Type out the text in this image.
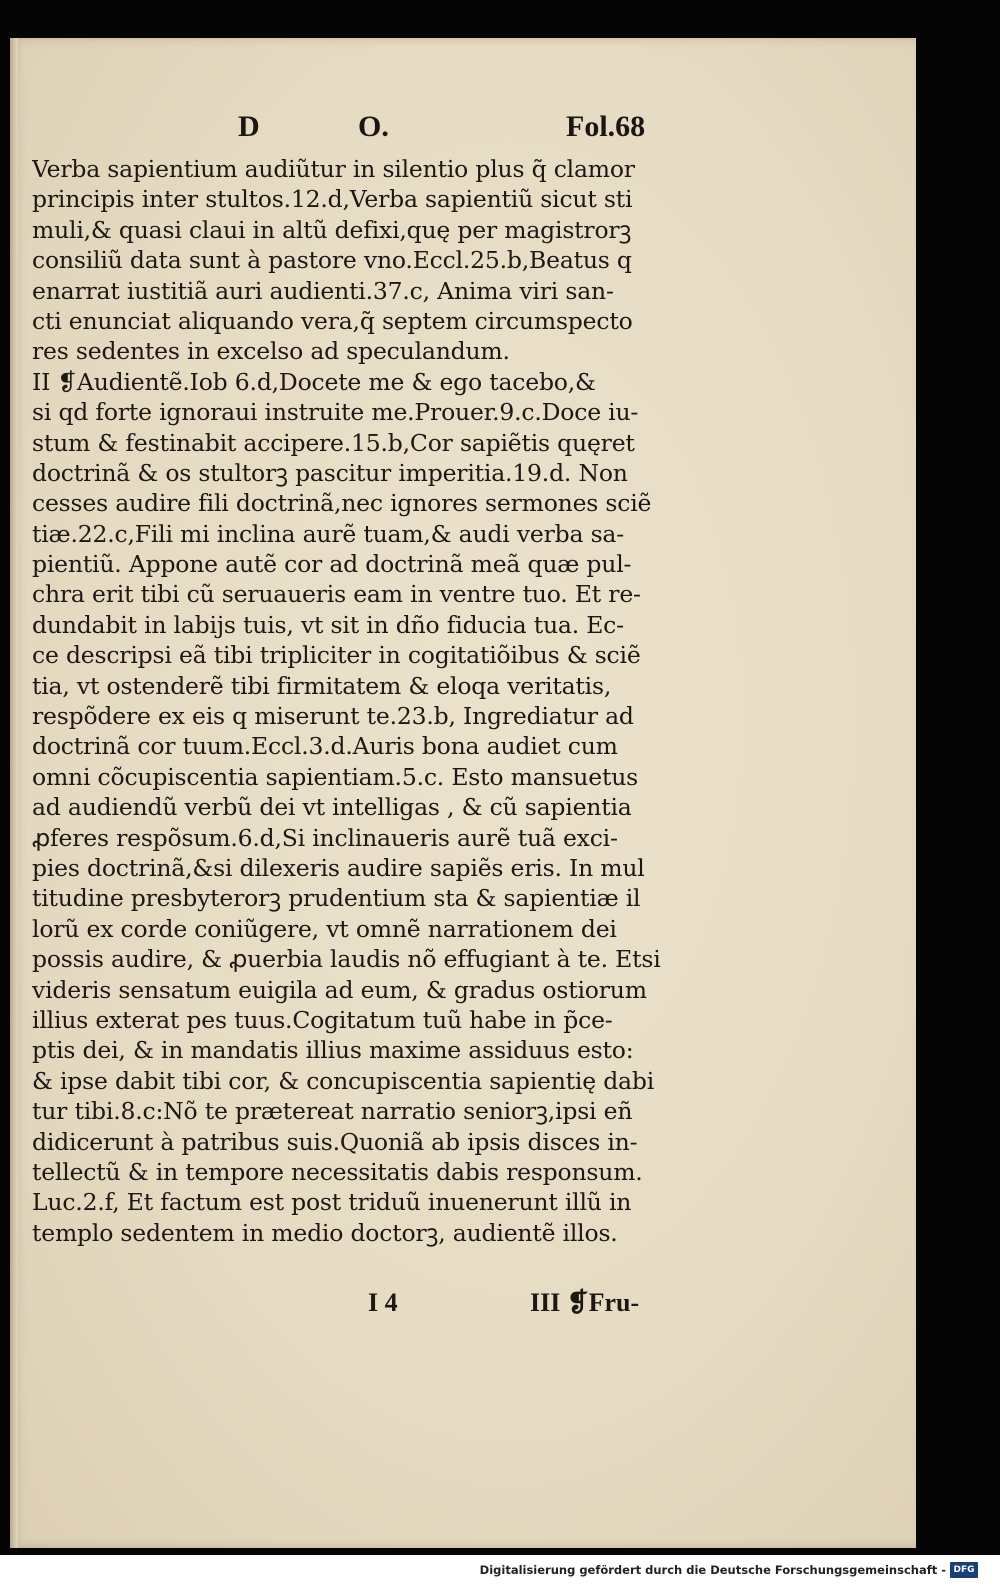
D	O.	Fol.68
Verba sapientium audiũtur in silentio plus q̃ clamor
principis inter stultos.12.d,Verba sapientiũ sicut sti
muli,& quasi claui in altũ defixi,quę per magistrorꝫ
consiliũ data sunt à pastore vno.Eccl.25.b,Beatus q
enarrat iustitiã auri audienti.37.c, Anima viri san-
cti enunciat aliquando vera,q̃ septem circumspecto
res sedentes in excelso ad speculandum.
II ❡Audientẽ.Iob 6.d,Docete me & ego tacebo,&
si qd forte ignoraui instruite me.Prouer.9.c.Doce iu-
stum & festinabit accipere.15.b,Cor sapiẽtis quęret
doctrinã & os stultorꝫ pascitur imperitia.19.d. Non
cesses audire fili doctrinã,nec ignores sermones sciẽ
tiæ.22.c,Fili mi inclina aurẽ tuam,& audi verba sa-
pientiũ. Appone autẽ cor ad doctrinã meã quæ pul-
chra erit tibi cũ seruaueris eam in ventre tuo. Et re-
dundabit in labijs tuis, vt sit in dño fiducia tua. Ec-
ce descripsi eã tibi tripliciter in cogitatiõibus & sciẽ
tia, vt ostenderẽ tibi firmitatem & eloqa veritatis,
respõdere ex eis q miserunt te.23.b, Ingrediatur ad
doctrinã cor tuum.Eccl.3.d.Auris bona audiet cum
omni cõcupiscentia sapientiam.5.c. Esto mansuetus
ad audiendũ verbũ dei vt intelligas , & cũ sapientia
ꝓferes respõsum.6.d,Si inclinaueris aurẽ tuã exci-
pies doctrinã,&si dilexeris audire sapiẽs eris. In mul
titudine presbyterorꝫ prudentium sta & sapientiæ il
lorũ ex corde coniũgere, vt omnẽ narrationem dei
possis audire, & ꝓuerbia laudis nõ effugiant à te. Etsi
videris sensatum euigila ad eum, & gradus ostiorum
illius exterat pes tuus.Cogitatum tuũ habe in p̃ce-
ptis dei, & in mandatis illius maxime assiduus esto:
& ipse dabit tibi cor, & concupiscentia sapientię dabi
tur tibi.8.c:Nõ te prætereat narratio seniorꝫ,ipsi eñ
didicerunt à patribus suis.Quoniã ab ipsis disces in-
tellectũ & in tempore necessitatis dabis responsum.
Luc.2.f, Et factum est post triduũ inuenerunt illũ in
templo sedentem in medio doctorꝫ, audientẽ illos.
I 4	III ❡Fru-
Digitalisierung gefördert durch die Deutsche Forschungsgemeinschaft - DFG
